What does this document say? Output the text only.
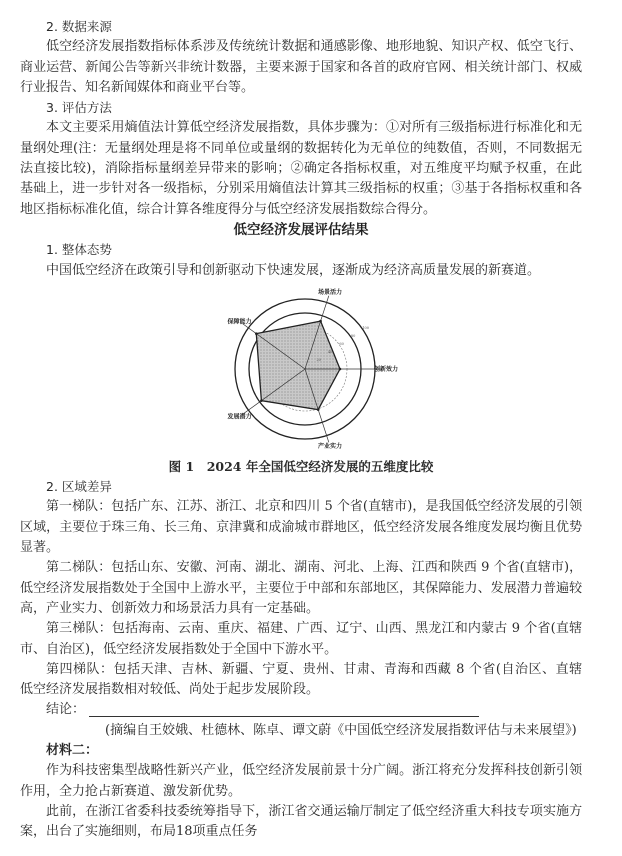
2. 数据来源
低空经济发展指数指标体系涉及传统统计数据和通感影像、地形地貌、知识产权、低空飞行、
商业运营、新闻公告等新兴非统计数器，主要来源于国家和各首的政府官网、相关统计部门、权威
行业报告、知名新闻媒体和商业平台等。
3. 评估方法
本文主要采用熵值法计算低空经济发展指数，具体步骤为：①对所有三级指标进行标准化和无
量纲处理(注：无量纲处理是将不同单位或量纲的数据转化为无单位的纯数值，否则，不同数据无
法直接比较)，消除指标量纲差异带来的影响；②确定各指标权重，对五维度平均赋予权重，在此
基础上，进一步针对各一级指标，分别采用熵值法计算其三级指标的权重；③基于各指标权重和各
地区指标标准化值，综合计算各维度得分与低空经济发展指数综合得分。
低空经济发展评估结果
1. 整体态势
中国低空经济在政策引导和创新驱动下快速发展，逐渐成为经济高质量发展的新赛道。
场景活力
创新效力
产业实力
发展潜力
保障能力
20
40
60
80
100
图 1　2024 年全国低空经济发展的五维度比较
2. 区域差异
第一梯队：包括广东、江苏、浙江、北京和四川 5 个省(直辖市)，是我国低空经济发展的引领
区域，主要位于珠三角、长三角、京津冀和成渝城市群地区，低空经济发展各维度发展均衡且优势
显著。
第二梯队：包括山东、安徽、河南、湖北、湖南、河北、上海、江西和陕西 9 个省(直辖市)，
低空经济发展指数处于全国中上游水平，主要位于中部和东部地区，其保障能力、发展潜力普遍较
高，产业实力、创新效力和场景活力具有一定基础。
第三梯队：包括海南、云南、重庆、福建、广西、辽宁、山西、黑龙江和内蒙古 9 个省(直辖
市、自治区)，低空经济发展指数处于全国中下游水平。
第四梯队：包括天津、吉林、新疆、宁夏、贵州、甘肃、青海和西藏 8 个省(自治区、直辖
低空经济发展指数相对较低、尚处于起步发展阶段。
结论：
(摘编自王姣娥、杜德林、陈卓、谭文蔚《中国低空经济发展指数评估与未来展望》)
材料二：
作为科技密集型战略性新兴产业，低空经济发展前景十分广阔。浙江将充分发挥科技创新引领
作用，全力抢占新赛道、激发新优势。
此前，在浙江省委科技委统筹指导下，浙江省交通运输厅制定了低空经济重大科技专项实施方
案，出台了实施细则，布局18项重点任务
